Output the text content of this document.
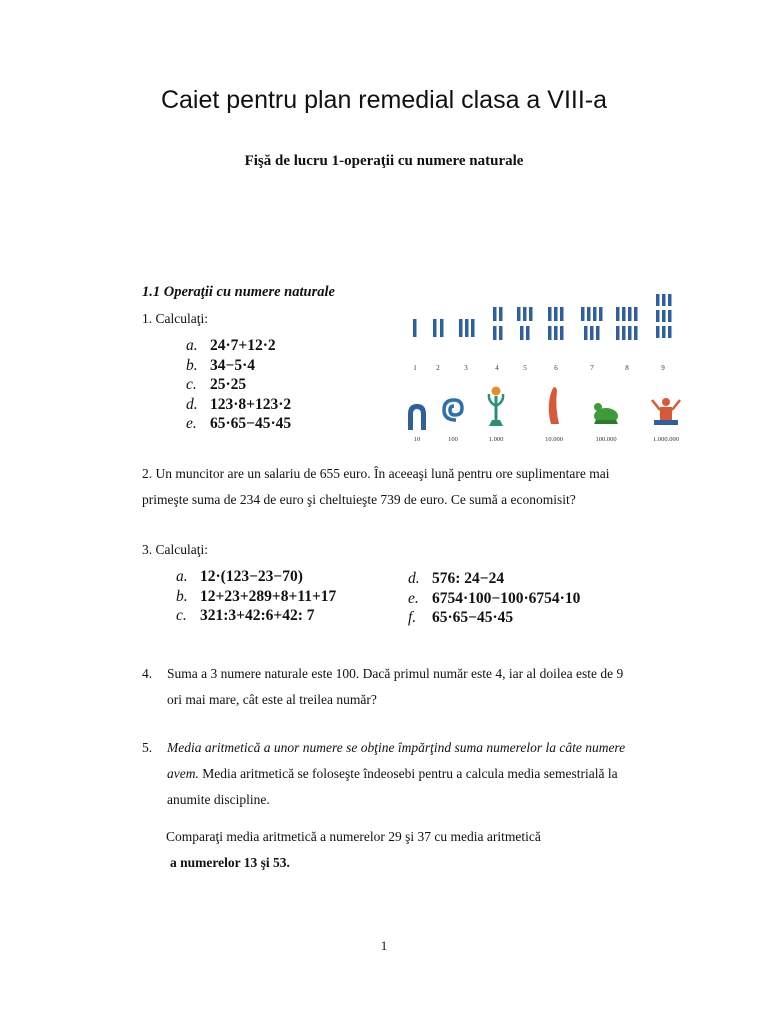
Caiet pentru plan remedial clasa a VIII-a
Fişă de lucru 1-operaţii cu numere naturale
1.1 Operaţii cu numere naturale
1. Calculaţi:
a. 24·7+12·2
b. 34−5·4
c. 25·25
d. 123·8+123·2
e. 65·65−45·45
1	2	3	4	5	6	7	8	9
10	100	1.000	10.000	100.000	1.000.000
2. Un muncitor are un salariu de 655 euro. În aceeaşi lună pentru ore suplimentare mai
primeşte suma de 234 de euro şi cheltuieşte 739 de euro. Ce sumă a economisit?
3. Calculaţi:
a. 12·(123−23−70)
b. 12+23+289+8+11+17
c. 321:3+42:6+42: 7
d. 576: 24−24
e. 6754·100−100·6754·10
f. 65·65−45·45
4. Suma a 3 numere naturale este 100. Dacă primul număr este 4, iar al doilea este de 9
ori mai mare, cât este al treilea număr?
5. Media aritmetică a unor numere se obţine împărţind suma numerelor la câte numere
avem. Media aritmetică se foloseşte îndeosebi pentru a calcula media semestrială la
anumite discipline.
Comparaţi media aritmetică a numerelor 29 şi 37 cu media aritmetică
a numerelor 13 şi 53.
1
